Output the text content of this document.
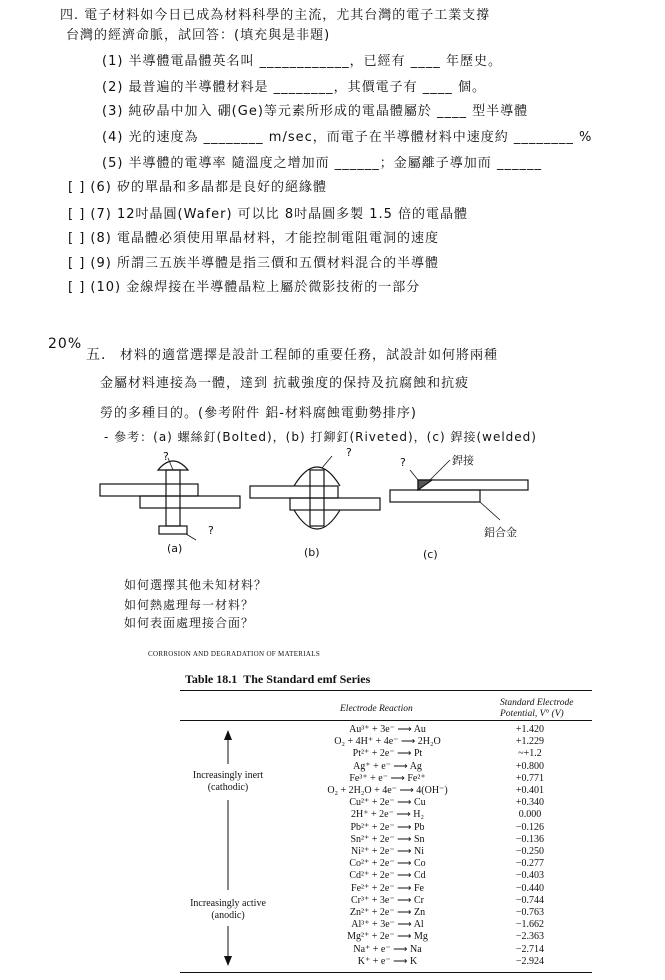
四. 電子材料如今日已成為材料科學的主流，尤其台灣的電子工業支撐
台灣的經濟命脈，試回答：(填充與是非題)
(1) 半導體電晶體英名叫 ____________，已經有 ____ 年歷史。
(2) 最普遍的半導體材料是 ________，其價電子有 ____ 個。
(3) 純矽晶中加入 硼(Ge)等元素所形成的電晶體屬於 ____ 型半導體
(4) 光的速度為 ________ m/sec，而電子在半導體材料中速度約 ________ %
(5) 半導體的電導率 隨溫度之增加而 ______；金屬離子導加而 ______
[ ] (6) 矽的單晶和多晶都是良好的絕緣體
[ ] (7) 12吋晶圓(Wafer) 可以比 8吋晶圓多製 1.5 倍的電晶體
[ ] (8) 電晶體必須使用單晶材料，才能控制電阻電洞的速度
[ ] (9) 所謂三五族半導體是指三價和五價材料混合的半導體
[ ] (10) 金線焊接在半導體晶粒上屬於微影技術的一部分
20%
五. 材料的適當選擇是設計工程師的重要任務，試設計如何將兩種
金屬材料連接為一體，達到 抗載強度的保持及抗腐蝕和抗疲
勞的多種目的。(參考附件 鋁-材料腐蝕電動勢排序)
- 參考：(a) 螺絲釘(Bolted)，(b) 打鉚釘(Riveted)，(c) 銲接(welded)
?
?
?
?	銲接
鋁合金
(a)	(b)	(c)
如何選擇其他未知材料？
如何熱處理每一材料？
如何表面處理接合面？
CORROSION AND DEGRADATION OF MATERIALS
Table 18.1 The Standard emf Series
Electrode Reaction
Standard Electrode
Potential, V° (V)
Au³⁺ + 3e⁻ ⟶ Au	+1.420
O₂ + 4H⁺ + 4e⁻ ⟶ 2H₂O	+1.229
Pt²⁺ + 2e⁻ ⟶ Pt	~+1.2
Ag⁺ + e⁻ ⟶ Ag	+0.800
Fe³⁺ + e⁻ ⟶ Fe²⁺	+0.771
O₂ + 2H₂O + 4e⁻ ⟶ 4(OH⁻)	+0.401
Cu²⁺ + 2e⁻ ⟶ Cu	+0.340
2H⁺ + 2e⁻ ⟶ H₂	0.000
Pb²⁺ + 2e⁻ ⟶ Pb	−0.126
Sn²⁺ + 2e⁻ ⟶ Sn	−0.136
Ni²⁺ + 2e⁻ ⟶ Ni	−0.250
Co²⁺ + 2e⁻ ⟶ Co	−0.277
Cd²⁺ + 2e⁻ ⟶ Cd	−0.403
Fe²⁺ + 2e⁻ ⟶ Fe	−0.440
Cr³⁺ + 3e⁻ ⟶ Cr	−0.744
Zn²⁺ + 2e⁻ ⟶ Zn	−0.763
Al³⁺ + 3e⁻ ⟶ Al	−1.662
Mg²⁺ + 2e⁻ ⟶ Mg	−2.363
Na⁺ + e⁻ ⟶ Na	−2.714
K⁺ + e⁻ ⟶ K	−2.924
Increasingly inert
(cathodic)
Increasingly active
(anodic)
